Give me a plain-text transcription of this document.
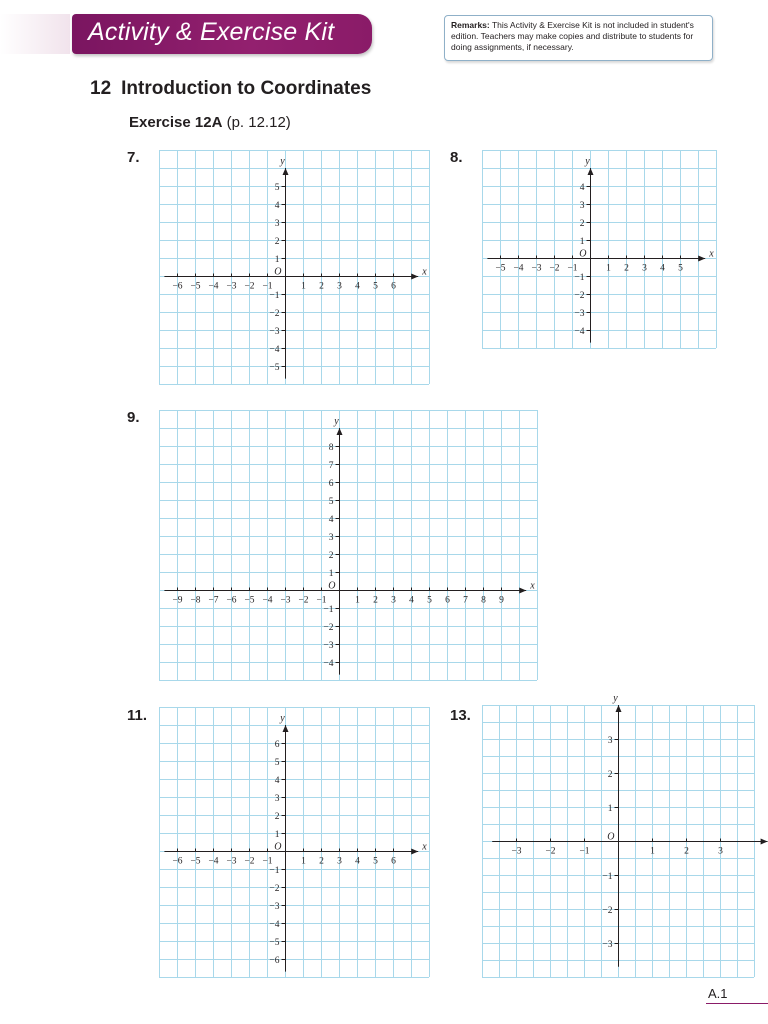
Activity & Exercise Kit	Remarks: This Activity & Exercise Kit is not included in student's edition. Teachers may make copies and distribute to students for doing assignments, if necessary.
12 Introduction to Coordinates
Exercise 12A (p. 12.12)
7.
x
y
O
−6 −5 −4 −3 −2 −1	1 2 3 4 5 6
−5
−4
−3
−2
−1
1
2
3
4
5
8.
x
y
O
−5 −4 −3 −2 −1	1 2 3 4 5
−4
−3
−2
−1
1
2
3
4
9.
x
y
O
−9 −8 −7 −6 −5 −4 −3 −2 −1	1 2 3 4 5 6 7 8 9
−4
−3
−2
−1
1
2
3
4
5
6
7
8
11.
x
y
O
−6 −5 −4 −3 −2 −1	1 2 3 4 5 6
−6
−5
−4
−3
−2
−1
1
2
3
4
5
6
13.
y
O
−3	−2	−1	1	2	3
−3
−2
−1
1
2
3
A.1
